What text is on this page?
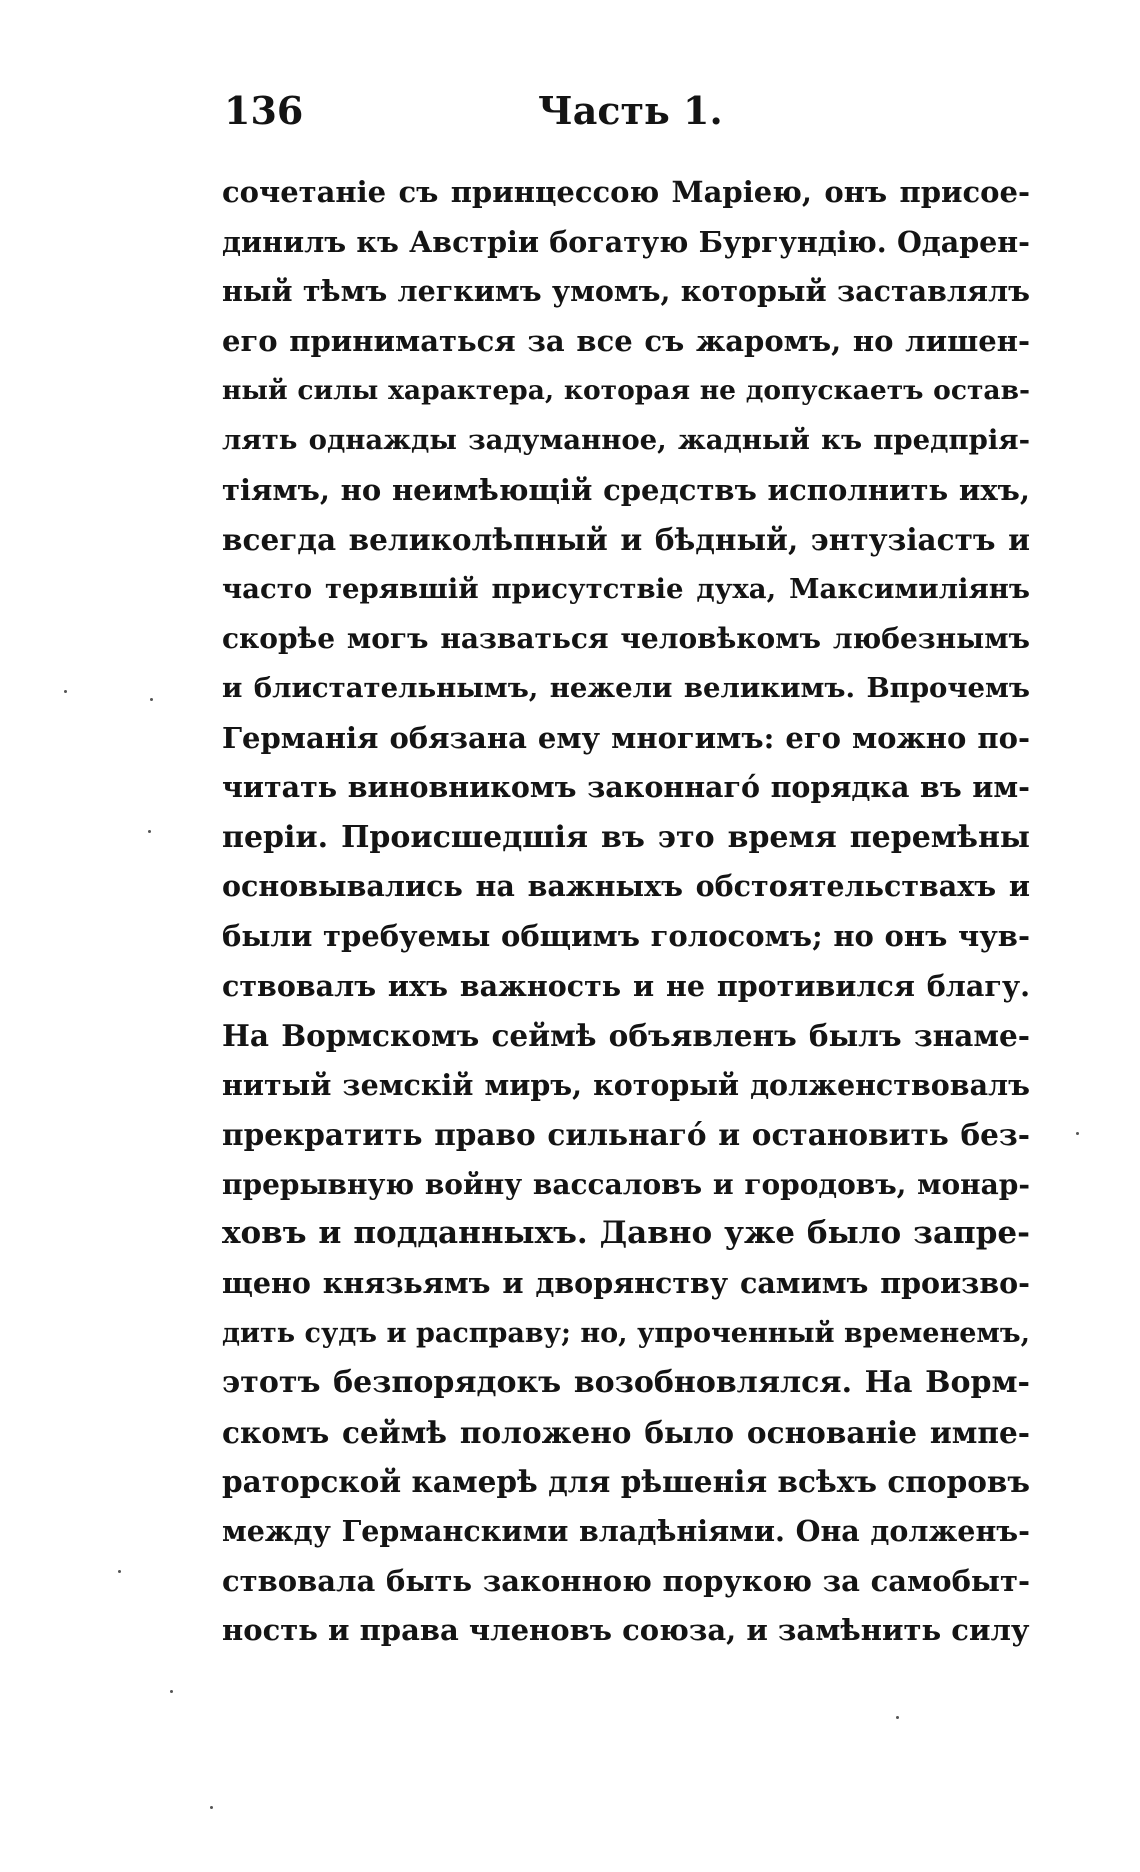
136	Часть 1.
сочетаніе съ принцессою Маріею, онъ присое-
динилъ къ Австріи богатую Бургундію. Одарен-
ный тѣмъ легкимъ умомъ, который заставлялъ
его приниматься за все съ жаромъ, но лишен-
ный силы характера, которая не допускаетъ остав-
лять однажды задуманное, жадный къ предпрія-
тіямъ, но неимѣющій средствъ исполнить ихъ,
всегда великолѣпный и бѣдный, энтузіастъ и
часто терявшій присутствіе духа, Максимиліянъ
скорѣе могъ назваться человѣкомъ любезнымъ
и блистательнымъ, нежели великимъ. Впрочемъ
Германія обязана ему многимъ: его можно по-
читать виновникомъ законнагó порядка въ им-
періи. Происшедшія въ это время перемѣны
основывались на важныхъ обстоятельствахъ и
были требуемы общимъ голосомъ; но онъ чув-
ствовалъ ихъ важность и не противился благу.
На Вормскомъ сеймѣ объявленъ былъ знаме-
нитый земскій миръ, который долженствовалъ
прекратить право сильнагó и остановить без-
прерывную войну вассаловъ и городовъ, монар-
ховъ и подданныхъ. Давно уже было запре-
щено князьямъ и дворянству самимъ произво-
дить судъ и расправу; но, упроченный временемъ,
этотъ безпорядокъ возобновлялся. На Ворм-
скомъ сеймѣ положено было основаніе импе-
раторской камерѣ для рѣшенія всѣхъ споровъ
между Германскими владѣніями. Она долженъ-
ствовала быть законною порукою за самобыт-
ность и права членовъ союза, и замѣнить силу
